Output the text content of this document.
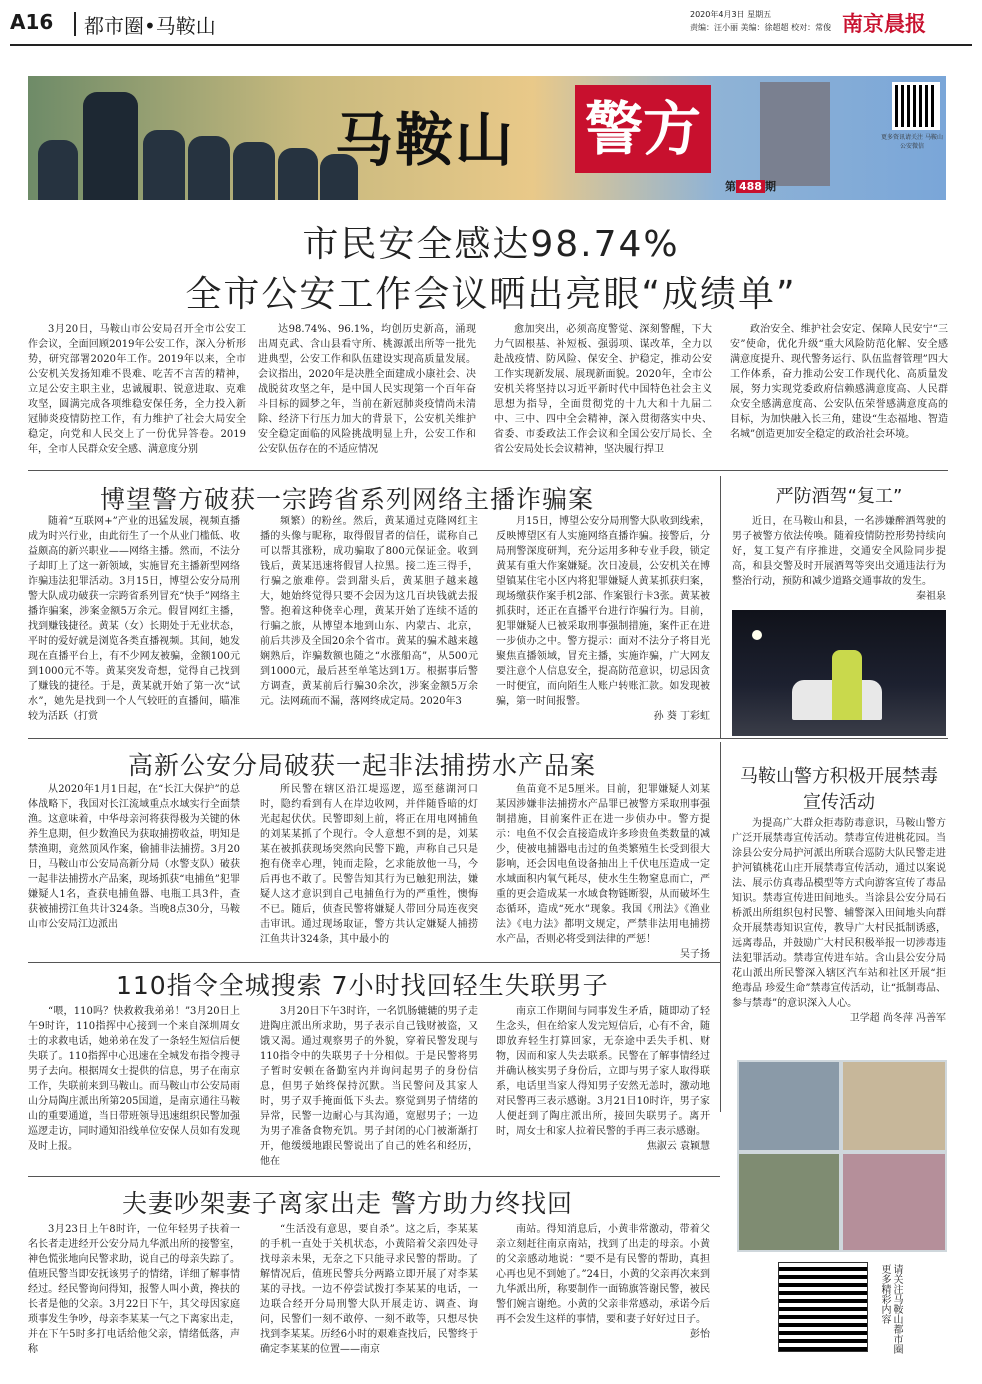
A16 都市圈•马鞍山	2020年4月3日 星期五
责编：汪小丽 美编：徐超超 校对：常俊 南京晨报
马鞍山 警方	更多资讯请关注 马鞍山公安微信
第 488 期
市民安全感达98.74%
全市公安工作会议晒出亮眼“成绩单”

3月20日，马鞍山市公安局召开全市公安工作会议，全面回顾2019年公安工作，深入分析形势，研究部署2020年工作。2019年以来，全市公安机关发扬知难不畏难、吃苦不言苦的精神，立足公安主职主业，忠诚履职、锐意进取、克难攻坚，圆满完成各项维稳安保任务，全力投入新冠肺炎疫情防控工作，有力维护了社会大局安全稳定，向党和人民交上了一份优异答卷。2019年，全市人民群众安全感、满意度分别

达98.74%、96.1%，均创历史新高，涌现出周克武、含山县看守所、桃源派出所等一批先进典型，公安工作和队伍建设实现高质量发展。会议指出，2020年是决胜全面建成小康社会、决战脱贫攻坚之年，是中国人民实现第一个百年奋斗目标的圆梦之年，当前在新冠肺炎疫情尚未清除、经济下行压力加大的背景下，公安机关维护安全稳定面临的风险挑战明显上升，公安工作和公安队伍存在的不适应情况

愈加突出，必须高度警觉、深刻警醒，下大力气固根基、补短板、强弱项、谋改革，全力以赴战疫情、防风险、保安全、护稳定，推动公安工作实现新发展、展现新面貌。2020年，全市公安机关将坚持以习近平新时代中国特色社会主义思想为指导，全面贯彻党的十九大和十九届二中、三中、四中全会精神，深入贯彻落实中央、省委、市委政法工作会议和全国公安厅局长、全省公安局处长会议精神，坚决履行捍卫

政治安全、维护社会安定、保障人民安宁“三安”使命，优化升级“重大风险防范化解、安全感满意度提升、现代警务运行、队伍监督管理”四大工作体系，奋力推动公安工作现代化、高质量发展，努力实现党委政府信赖感满意度高、人民群众安全感满意度高、公安队伍荣誉感满意度高的目标，为加快融入长三角，建设“生态福地、智造名城”创造更加安全稳定的政治社会环境。

博望警方破获一宗跨省系列网络主播诈骗案

随着“互联网+”产业的迅猛发展，视频直播成为时兴行业，由此衍生了一个从业门槛低、收益颇高的新兴职业——网络主播。然而，不法分子却盯上了这一新领域，实施冒充主播新型网络诈骗违法犯罪活动。3月15日，博望公安分局刑警大队成功破获一宗跨省系列冒充“快手”网络主播诈骗案，涉案金额5万余元。假冒网红主播，找到赚钱捷径。黄某（女）长期处于无业状态，平时的爱好就是浏览各类直播视频。其间，她发现在直播平台上，有不少网友被骗，金额100元到1000元不等。黄某突发奇想，觉得自己找到了赚钱的捷径。于是，黄某就开始了第一次“试水”，她先是找到一个人气较旺的直播间，瞄准较为活跃（打赏

频繁）的粉丝。然后，黄某通过克隆网红主播的头像与昵称，取得假冒者的信任，谎称自己可以帮其涨粉，成功骗取了800元保证金。收到钱后，黄某迅速将假冒人拉黑。接二连三得手，行骗之旅难停。尝到甜头后，黄某胆子越来越大，她始终觉得只要不会因为这几百块钱就去报警。抱着这种侥幸心理，黄某开始了连续不适的行骗之旅，从博望本地到山东、内蒙古、北京，前后共涉及全国20余个省市。黄某的骗术越来越娴熟后，诈骗数额也随之“水涨船高”，从500元到1000元，最后甚至单笔达到1万。根据事后警方调查，黄某前后行骗30余次，涉案金额5万余元。法网疏而不漏，落网终成定局。2020年3

月15日，博望公安分局刑警大队收到线索，反映博望区有人实施网络直播诈骗。接警后，分局刑警深度研判，充分运用多种专业手段，锁定黄某有重大作案嫌疑。次日凌晨，公安机关在博望镇某住宅小区内将犯罪嫌疑人黄某抓获归案，现场缴获作案手机2部、作案银行卡3张。黄某被抓获时，还正在直播平台进行诈骗行为。目前，犯罪嫌疑人已被采取刑事强制措施，案件正在进一步侦办之中。警方提示：面对不法分子将目光聚焦直播领域，冒充主播，实施诈骗，广大网友要注意个人信息安全，提高防范意识，切忌因贪一时便宜，而向陌生人账户转账汇款。如发现被骗，第一时间报警。

孙 葵 丁彩虹
严防酒驾“复工”

近日，在马鞍山和县，一名涉嫌醉酒驾驶的男子被警方依法传唤。随着疫情防控形势持续向好，复工复产有序推进，交通安全风险同步提高，和县交警及时开展酒驾等突出交通违法行为整治行动，预防和减少道路交通事故的发生。

秦祖泉
高新公安分局破获一起非法捕捞水产品案

从2020年1月1日起，在“长江大保护”的总体战略下，我国对长江流域重点水域实行全面禁渔。这意味着，中华母亲河将获得极为关键的休养生息期，但少数渔民为获取捕捞收益，明知是禁渔期，竟然顶风作案，偷捕非法捕捞。3月20日，马鞍山市公安局高新分局（水警支队）破获一起非法捕捞水产品案，现场抓获“电捕鱼”犯罪嫌疑人1名，查获电捕鱼器、电瓶工具3件，查获被捕捞江鱼共计324条。当晚8点30分，马鞍山市公安局江边派出

所民警在辖区沿江堤巡逻，巡至慈湖河口时，隐约看到有人在岸边收网，并伴随昏暗的灯光起起伏伏。民警即刻上前，将正在用电网捕鱼的刘某某抓了个现行。令人意想不到的是，刘某某在被抓获现场突然向民警下跪，声称自己只是抱有侥幸心理，钝而走险，乞求能放他一马，今后再也不敢了。民警告知其行为已触犯刑法，嫌疑人这才意识到自己电捕鱼行为的严重性，懊悔不已。随后，侦查民警将嫌疑人带回分局连夜突击审讯。通过现场取证，警方共认定嫌疑人捕捞江鱼共计324条，其中最小的

鱼苗竟不足5厘米。目前，犯罪嫌疑人刘某某因涉嫌非法捕捞水产品罪已被警方采取刑事强制措施，目前案件正在进一步侦办中。警方提示：电鱼不仅会直接造成许多珍贵鱼类数量的减少，使被电捕器电击过的鱼类繁殖生长受到很大影响，还会因电鱼设备抽出上千伏电压造成一定水域面积内氧气耗尽，使水生生物窒息而亡，严重的更会造成某一水域食物链断裂，从而破坏生态循环，造成“死水”现象。我国《刑法》《渔业法》《电力法》都明文规定，严禁非法用电捕捞水产品，否则必将受到法律的严惩！

吴子扬
马鞍山警方积极开展禁毒宣传活动

为提高广大群众拒毒防毒意识，马鞍山警方广泛开展禁毒宣传活动。禁毒宣传进桃花园。当涂县公安分局护河派出所联合巡防大队民警走进护河镇桃花山庄开展禁毒宣传活动，通过以案说法、展示仿真毒品模型等方式向游客宣传了毒品知识。禁毒宣传进田间地头。当涂县公安分局石桥派出所组织包村民警、辅警深入田间地头向群众开展禁毒知识宣传，教导广大村民抵制诱惑，远离毒品，并鼓励广大村民积极举报一切涉毒违法犯罪活动。禁毒宣传进车站。含山县公安分局花山派出所民警深入辖区汽车站和社区开展“拒绝毒品 珍爱生命”禁毒宣传活动，让“抵制毒品、参与禁毒”的意识深入人心。

卫学超 尚冬萍 冯善军
110指令全城搜索 7小时找回轻生失联男子

“喂，110吗？快救救我弟弟！”3月20日上午9时许，110指挥中心接到一个来自深圳周女士的求救电话，她弟弟在发了一条轻生短信后便失联了。110指挥中心迅速在全城发布指令搜寻男子去向。根据周女士提供的信息，男子在南京工作，失联前来到马鞍山。而马鞍山市公安局雨山分局陶庄派出所第205国道，是南京通往马鞍山的重要通道，当日带班领导迅速组织民警加强巡逻走访，同时通知沿线单位安保人员如有发现及时上报。

3月20日下午3时许，一名饥肠辘辘的男子走进陶庄派出所求助，男子表示自己钱财被盗，又饿又渴。通过观察男子的外貌，穿着民警发现与110指令中的失联男子十分相似。于是民警将男子暂时安顿在备勤室内并询问起男子的身份信息，但男子始终保持沉默。当民警问及其家人时，男子双手掩面低下头去。察觉到男子情绪的异常，民警一边耐心与其沟通，宽慰男子；一边为男子准备食物充饥。男子封闭的心门被渐渐打开，他缓缓地跟民警说出了自己的姓名和经历，他在

南京工作期间与同事发生矛盾，随即动了轻生念头，但在给家人发完短信后，心有不舍，随即放弃轻生打算回家，无奈途中丢失手机、财物，因而和家人失去联系。民警在了解事情经过并确认核实男子身份后，立即与男子家人取得联系，电话里当家人得知男子安然无恙时，激动地对民警再三表示感谢。3月21日10时许，男子家人便赶到了陶庄派出所，接回失联男子。离开时，周女士和家人拉着民警的手再三表示感谢。

焦淑云 袁颖慧
夫妻吵架妻子离家出走 警方助力终找回

3月23日上午8时许，一位年轻男子扶着一名长者走进经开公安分局九华派出所的接警室，神色慌张地向民警求助，说自己的母亲失踪了。值班民警当即安抚该男子的情绪，详细了解事情经过。经民警询问得知，报警人叫小黄，搀扶的长者是他的父亲。3月22日下午，其父母因家庭琐事发生争吵，母亲李某某一气之下离家出走，并在下午5时多打电话给他父亲，情绪低落，声称

“生活没有意思，要自杀”。这之后，李某某的手机一直处于关机状态，小黄陪着父亲四处寻找母亲未果，无奈之下只能寻求民警的帮助。了解情况后，值班民警兵分两路立即开展了对李某某的寻找。一边不停尝试拨打李某某的电话，一边联合经开分局刑警大队开展走访、调查、询问，民警们一刻不敢停、一刻不敢等，只想尽快找到李某某。历经6小时的艰难查找后，民警终于确定李某某的位置——南京

南站。得知消息后，小黄非常激动，带着父亲立刻赶往南京南站，找到了出走的母亲。小黄的父亲感动地说：“要不是有民警的帮助，真担心再也见不到她了。”24日，小黄的父亲再次来到九华派出所，称要制作一面锦旗答谢民警，被民警们婉言谢绝。小黄的父亲非常感动，承诺今后再不会发生这样的事情，要和妻子好好过日子。

彭怡	请关注马鞍山都市圈 更多精彩内容
